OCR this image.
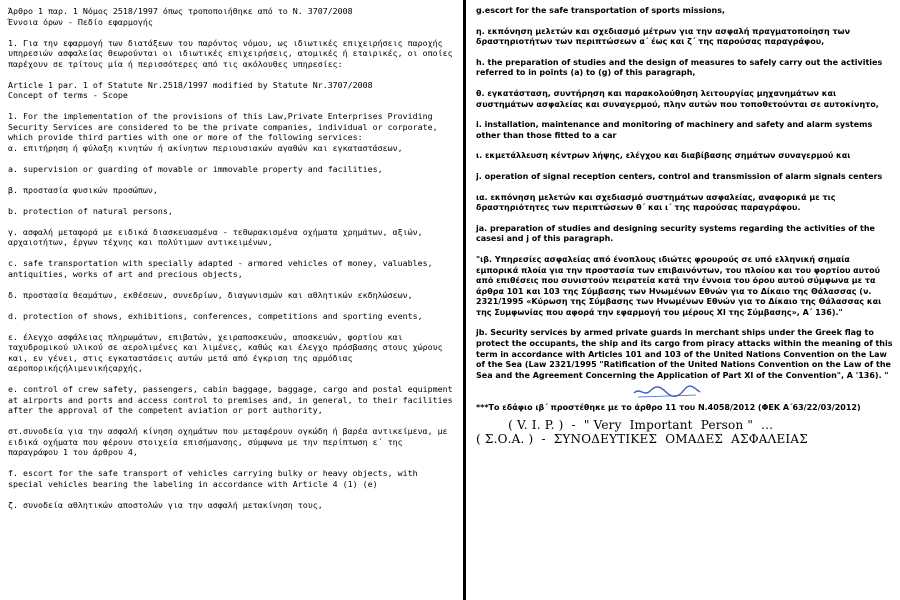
Άρθρο 1 παρ. 1 Νόμος 2518/1997 όπως τροποποιήθηκε από το Ν. 3707/2008
Έννοια όρων - Πεδίο εφαρμογής
1. Για την εφαρμογή των διατάξεων του παρόντος νόμου, ως ιδιωτικές επιχειρήσεις παροχής υπηρεσιών ασφαλείας θεωρούνται οι ιδιωτικές επιχειρήσεις, ατομικές ή εταιρικές, οι οποίες παρέχουν σε τρίτους μία ή περισσότερες από τις ακόλουθες υπηρεσίες:
Article 1 par. 1 of Statute Nr.2518/1997 modified by Statute Nr.3707/2008
Concept of terms - Scope
1. For the implementation of the provisions of this Law,Private Enterprises Providing Security Services are considered to be the private companies, individual or corporate, which provide third parties with one or more of the following services:
α. επιτήρηση ή φύλαξη κινητών ή ακίνητων περιουσιακών αγαθών και εγκαταστάσεων,
a. supervision or guarding of movable or immovable property and facilities,
β. προστασία φυσικών προσώπων,
b. protection of natural persons,
γ. ασφαλή μεταφορά με ειδικά διασκευασμένα - τεθωρακισμένα οχήματα χρημάτων, αξιών, αρχαιοτήτων, έργων τέχνης και πολύτιμων αντικειμένων,
c. safe transportation with specially adapted - armored vehicles of money, valuables, antiquities, works of art and precious objects,
δ. προστασία θεαμάτων, εκθέσεων, συνεδρίων, διαγωνισμών και αθλητικών εκδηλώσεων,
d. protection of shows, exhibitions, conferences, competitions and sporting events,
ε. έλεγχο ασφάλειας πληρωμάτων, επιβατών, χειραποσκευών, αποσκευών, φορτίου και ταχυδρομικού υλικού σε αερολιμένες και λιμένες, καθώς και έλεγχο πρόσβασης στους χώρους και, εν γένει, στις εγκαταστάσεις αυτών μετά από έγκριση της αρμόδιας αεροπορικήςήλιμενικήςαρχής,
e. control of crew safety, passengers, cabin baggage, baggage, cargo and postal equipment at airports and ports and access control to premises and, in general, to their facilities after the approval of the competent aviation or port authority,
στ.συνοδεία για την ασφαλή κίνηση οχημάτων που μεταφέρουν ογκώδη ή βαρέα αντικείμενα, με ειδικά οχήματα που φέρουν στοιχεία επισήμανσης, σύμφωνα με την περίπτωση ε΄ της παραγράφου 1 του άρθρου 4,
f. escort for the safe transport of vehicles carrying bulky or heavy objects, with special vehicles bearing the labeling in accordance with Article 4 (1) (e)
ζ. συνοδεία αθλητικών αποστολών για την ασφαλή μετακίνηση τους,
g.escort for the safe transportation of sports missions,
η. εκπόνηση μελετών και σχεδιασμό μέτρων για την ασφαλή πραγματοποίηση των δραστηριοτήτων των περιπτώσεων α΄ έως και ζ΄ της παρούσας παραγράφου,
h. the preparation of studies and the design of measures to safely carry out the activities referred to in points (a) to (g) of this paragraph,
θ. εγκατάσταση, συντήρηση και παρακολούθηση λειτουργίας μηχανημάτων και συστημάτων ασφαλείας και συναγερμού, πλην αυτών που τοποθετούνται σε αυτοκίνητο,
i. installation, maintenance and monitoring of machinery and safety and alarm systems other than those fitted to a car
ι. εκμετάλλευση κέντρων λήψης, ελέγχου και διαβίβασης σημάτων συναγερμού και
j. operation of signal reception centers, control and transmission of alarm signals centers
ια. εκπόνηση μελετών και σχεδιασμό συστημάτων ασφαλείας, αναφορικά με τις δραστηριότητες των περιπτώσεων θ΄ και ι΄ της παρούσας παραγράφου.
ja. preparation of studies and designing security systems regarding the activities of the casesi and j of this paragraph.
"ιβ. Υπηρεσίες ασφαλείας από ένοπλους ιδιώτες φρουρούς σε υπό ελληνική σημαία εμπορικά πλοία για την προστασία των επιβαινόντων, του πλοίου και του φορτίου αυτού από επιθέσεις που συνιστούν πειρατεία κατά την έννοια του όρου αυτού σύμφωνα με τα άρθρα 101 και 103 της Σύμβασης των Ηνωμένων Εθνών για το Δίκαιο της Θάλασσας (ν. 2321/1995 «Κύρωση της Σύμβασης των Ηνωμένων Εθνών για το Δίκαιο της Θάλασσας και της Συμφωνίας που αφορά την εφαρμογή του μέρους XI της Σύμβασης», Α΄ 136)."
jb. Security services by armed private guards in merchant ships under the Greek flag to protect the occupants, the ship and its cargo from piracy attacks within the meaning of this term in accordance with Articles 101 and 103 of the United Nations Convention on the Law of the Sea (Law 2321/1995 "Ratification of the United Nations Convention on the Law of the Sea and the Agreement Concerning the Application of Part XI of the Convention", A '136). "
***Το εδάφιο ιβ΄ προστέθηκε με το άρθρο 11 του Ν.4058/2012 (ΦΕΚ Α΄63/22/03/2012)
( V. I. P. )  -  " Very  Important  Person "  ...
( Σ.Ο.Α. )  -  ΣΥΝΟΔΕΥΤΙΚΕΣ  ΟΜΑΔΕΣ  ΑΣΦΑΛΕΙΑΣ
